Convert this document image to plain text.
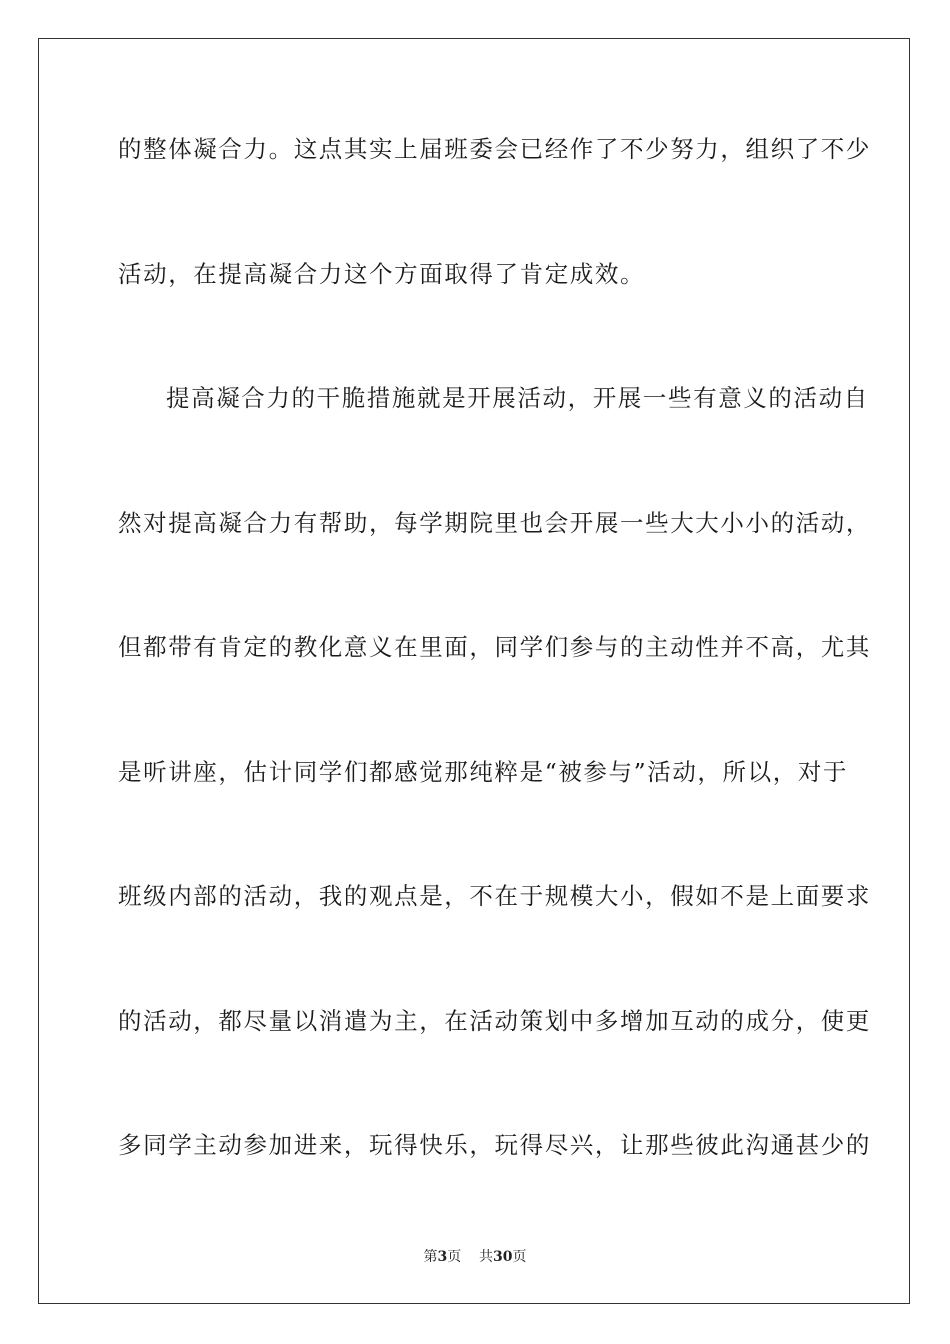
的整体凝合力。这点其实上届班委会已经作了不少努力，组织了不少
活动，在提高凝合力这个方面取得了肯定成效。
提高凝合力的干脆措施就是开展活动，开展一些有意义的活动自
然对提高凝合力有帮助，每学期院里也会开展一些大大小小的活动，
但都带有肯定的教化意义在里面，同学们参与的主动性并不高，尤其
是听讲座，估计同学们都感觉那纯粹是“被参与”活动，所以，对于
班级内部的活动，我的观点是，不在于规模大小，假如不是上面要求
的活动，都尽量以消遣为主，在活动策划中多增加互动的成分，使更
多同学主动参加进来，玩得快乐，玩得尽兴，让那些彼此沟通甚少的
第3页 共30页
